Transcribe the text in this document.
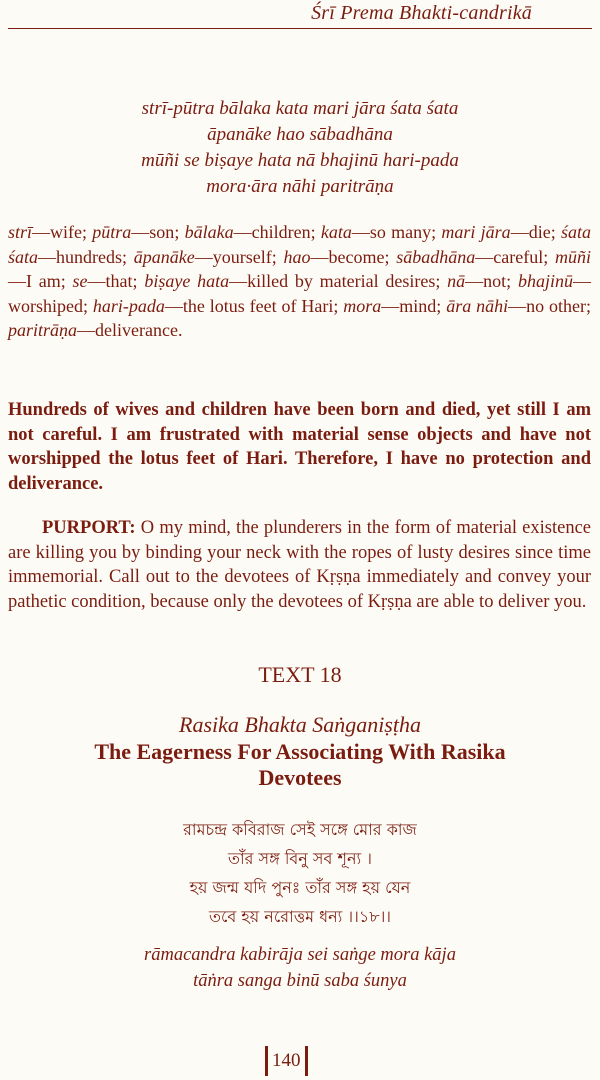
Śrī Prema Bhakti-candrikā
strī-pūtra bālaka kata mari jāra śata śata
āpanāke hao sābadhāna
mūñi se biṣaye hata nā bhajinū hari-pada
mora·āra nāhi paritrāṇa
strī—wife; pūtra—son; bālaka—children; kata—so many; mari jāra—die; śata śata—hundreds; āpanāke—yourself; hao—become; sābadhāna—careful; mūñi—I am; se—that; biṣaye hata—killed by material desires; nā—not; bhajinū—worshiped; hari-pada—the lotus feet of Hari; mora—mind; āra nāhi—no other; paritrāṇa—deliverance.
Hundreds of wives and children have been born and died, yet still I am not careful. I am frustrated with material sense objects and have not worshipped the lotus feet of Hari. Therefore, I have no protection and deliverance.
PURPORT: O my mind, the plunderers in the form of material existence are killing you by binding your neck with the ropes of lusty desires since time immemorial. Call out to the devotees of Kṛṣṇa immediately and convey your pathetic condition, because only the devotees of Kṛṣṇa are able to deliver you.
TEXT 18
Rasika Bhakta Saṅganiṣṭha
The Eagerness For Associating With Rasika Devotees
রামচন্দ্র কবিরাজ সেই সঙ্গে মোর কাজ
তাঁর সঙ্গ বিনু সব শূন্য ।
হয় জন্ম যদি পুনঃ তাঁর সঙ্গ হয় যেন
তবে হয় নরোত্তম ধন্য ।।১৮।।
rāmacandra kabirāja sei saṅge mora kāja
tāṅra sanga binū saba śunya
140
